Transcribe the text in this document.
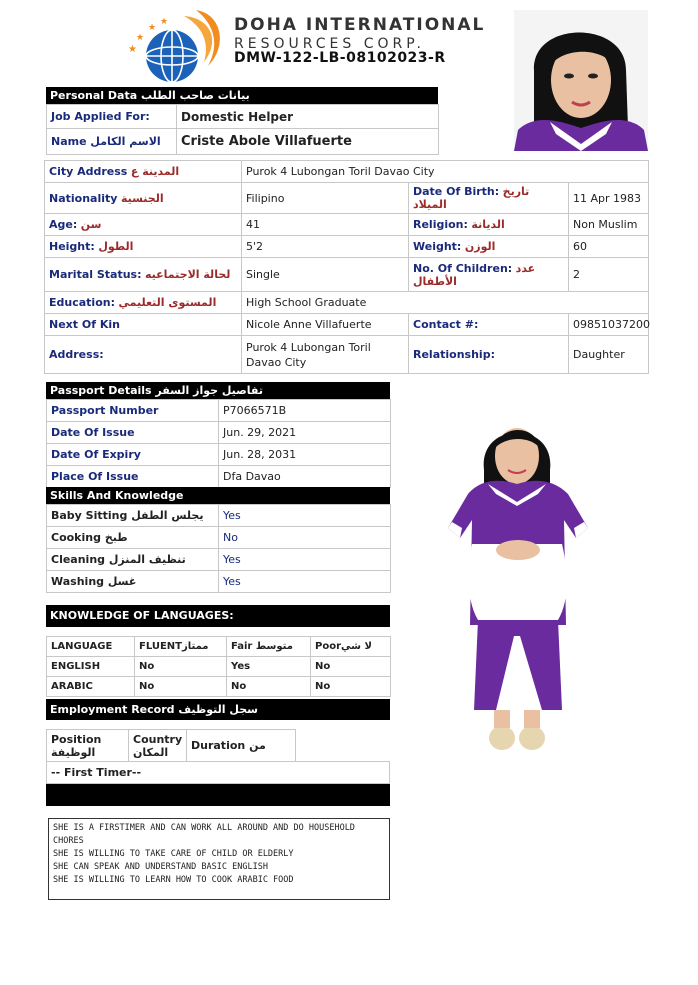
★
★
★
★	DOHA INTERNATIONAL
RESOURCES CORP.
DMW-122-LB-08102023-R
Personal Data بيانات صاحب الطلب
Job Applied For:	Domestic Helper
Name الاسم الكامل	Criste Abole Villafuerte
City Address المدينة ع	Purok 4 Lubongan Toril Davao City		
Nationality الجنسية	Filipino	Date Of Birth: تاريخ الميلاد	11 Apr 1983
Age: سن	41	Religion: الديانة	Non Muslim
Height: الطول	5'2	Weight: الوزن	60
Marital Status: لحالة الاجتماعيه	Single	No. Of Children: عدد الأطفال	2
Education: المستوى التعليمي	High School Graduate		
Next Of Kin	Nicole Anne Villafuerte	Contact #:	09851037200
Address:	Purok 4 Lubongan Toril Davao City	Relationship:	Daughter
Passport Details تفاصيل جواز السفر
Passport Number	P7066571B
Date Of Issue	Jun. 29, 2021
Date Of Expiry	Jun. 28, 2031
Place Of Issue	Dfa Davao
Skills And Knowledge
Baby Sitting يجلس الطفل	Yes
Cooking طبخ	No
Cleaning تنظيف المنزل	Yes
Washing غسل	Yes
KNOWLEDGE OF LANGUAGES:
LANGUAGE	FLUENTممتاز	Fair متوسط	Poorلا شي
ENGLISH	No	Yes	No
ARABIC	No	No	No
Employment Record سجل التوظيف
Position الوظيفة	Country المكان	Duration من
-- First Timer--
SHE IS A FIRSTIMER AND CAN WORK ALL AROUND AND DO HOUSEHOLD CHORES
SHE IS WILLING TO TAKE CARE OF CHILD OR ELDERLY
SHE CAN SPEAK AND UNDERSTAND BASIC ENGLISH
SHE IS WILLING TO LEARN HOW TO COOK ARABIC FOOD
